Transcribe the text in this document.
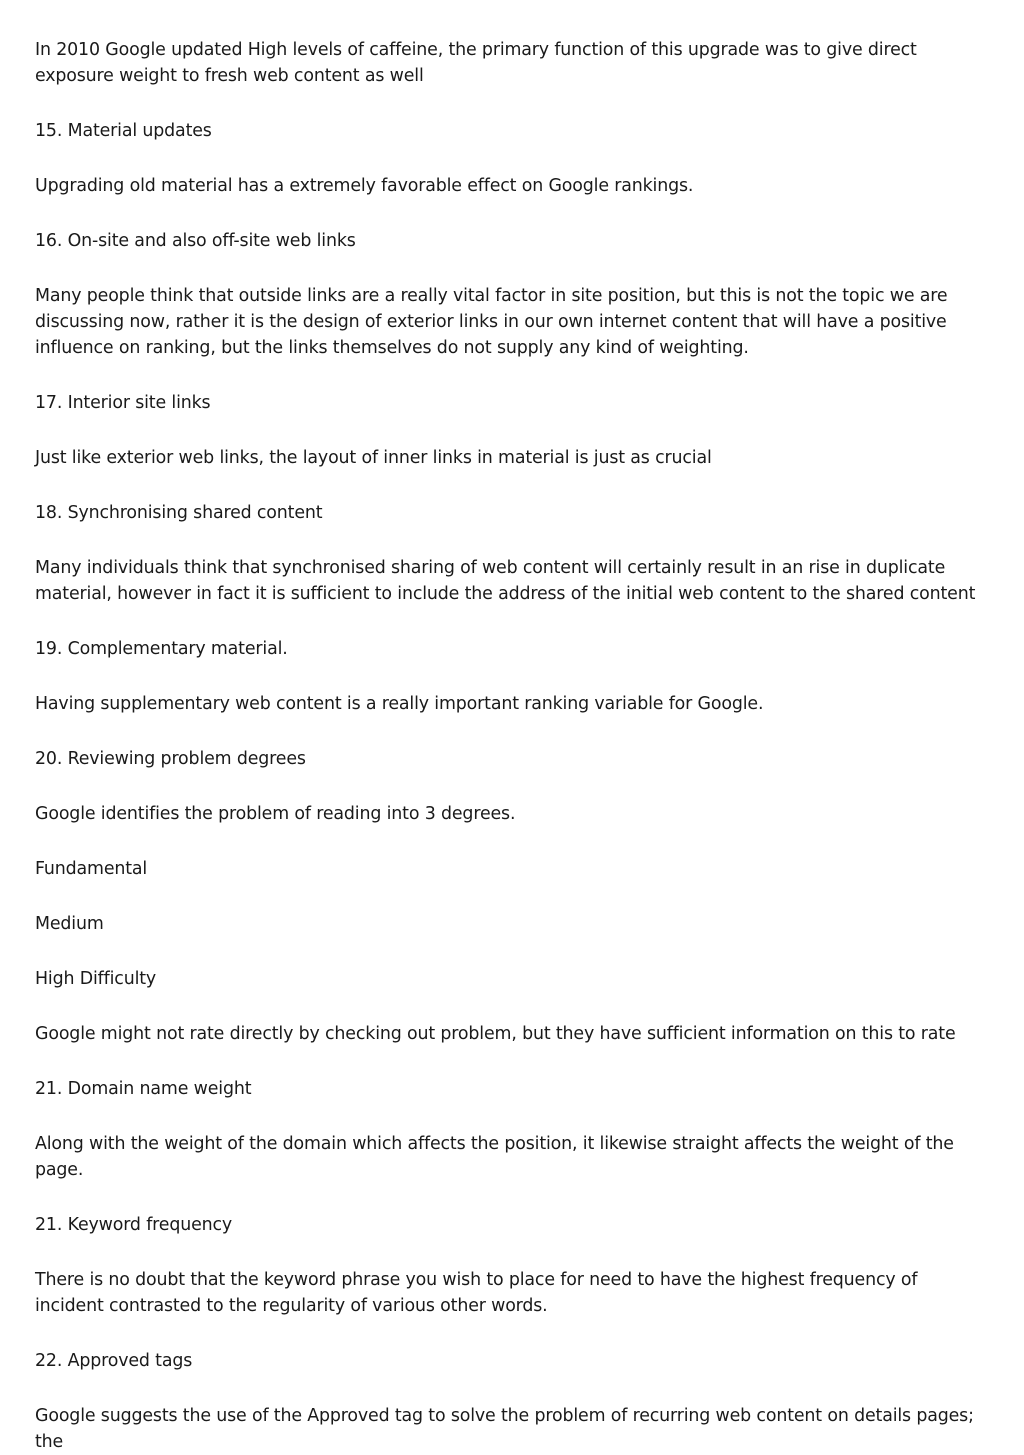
In 2010 Google updated High levels of caffeine, the primary function of this upgrade was to give direct exposure weight to fresh web content as well

15. Material updates

Upgrading old material has a extremely favorable effect on Google rankings.

16. On-site and also off-site web links

Many people think that outside links are a really vital factor in site position, but this is not the topic we are discussing now, rather it is the design of exterior links in our own internet content that will have a positive influence on ranking, but the links themselves do not supply any kind of weighting.

17. Interior site links

Just like exterior web links, the layout of inner links in material is just as crucial

18. Synchronising shared content

Many individuals think that synchronised sharing of web content will certainly result in an rise in duplicate material, however in fact it is sufficient to include the address of the initial web content to the shared content

19. Complementary material.

Having supplementary web content is a really important ranking variable for Google.

20. Reviewing problem degrees

Google identifies the problem of reading into 3 degrees.

Fundamental

Medium

High Difficulty

Google might not rate directly by checking out problem, but they have sufficient information on this to rate

21. Domain name weight

Along with the weight of the domain which affects the position, it likewise straight affects the weight of the page.

21. Keyword frequency

There is no doubt that the keyword phrase you wish to place for need to have the highest frequency of incident contrasted to the regularity of various other words.

22. Approved tags

Google suggests the use of the Approved tag to solve the problem of recurring web content on details pages; the
